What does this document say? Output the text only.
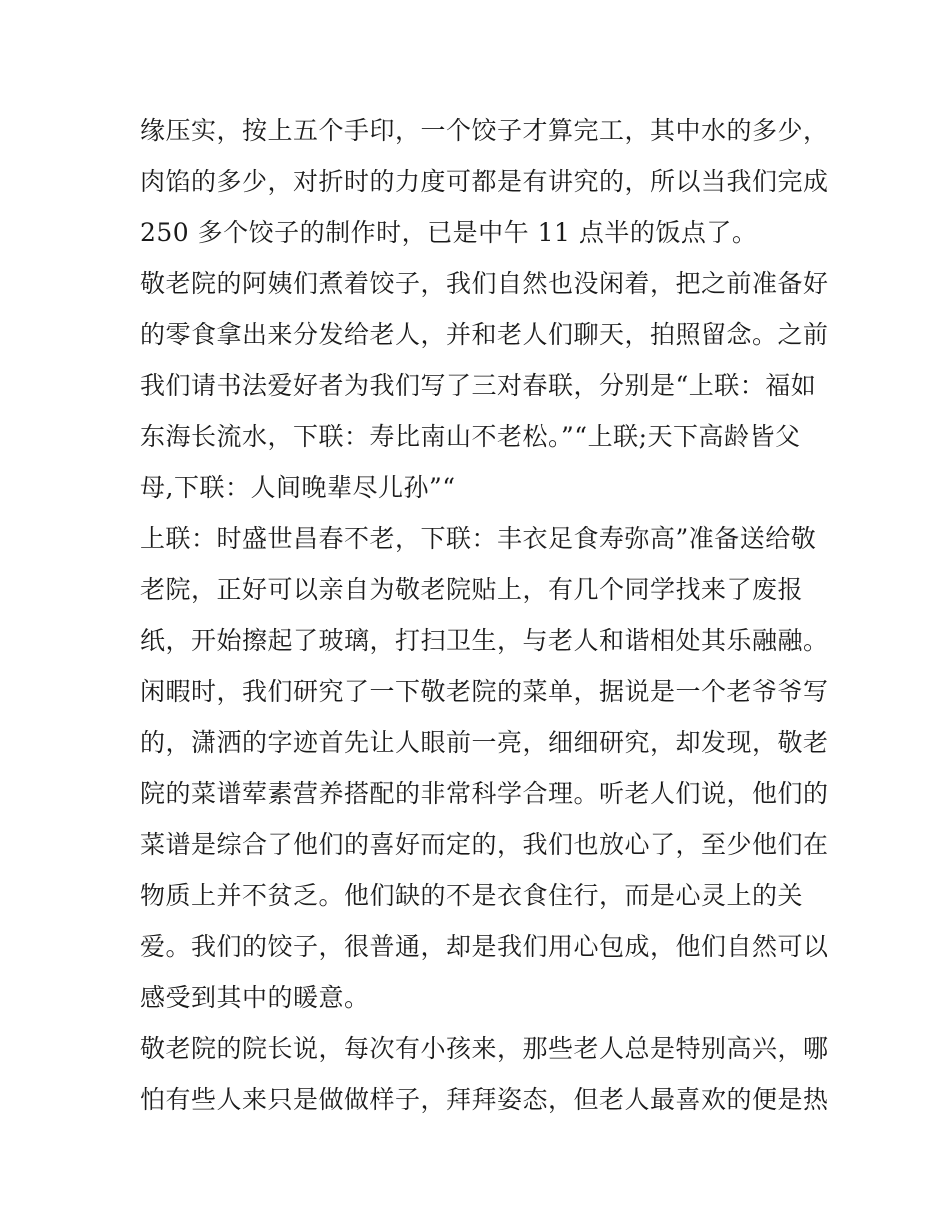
缘压实，按上五个手印，一个饺子才算完工，其中水的多少，
肉馅的多少，对折时的力度可都是有讲究的，所以当我们完成
250 多个饺子的制作时，已是中午 11 点半的饭点了。
敬老院的阿姨们煮着饺子，我们自然也没闲着，把之前准备好
的零食拿出来分发给老人，并和老人们聊天，拍照留念。之前
我们请书法爱好者为我们写了三对春联，分别是“上联：福如
东海长流水，下联：寿比南山不老松。”“上联;天下高龄皆父
母,下联：人间晚辈尽儿孙”“
上联：时盛世昌春不老，下联：丰衣足食寿弥高”准备送给敬
老院，正好可以亲自为敬老院贴上，有几个同学找来了废报
纸，开始擦起了玻璃，打扫卫生，与老人和谐相处其乐融融。
闲暇时，我们研究了一下敬老院的菜单，据说是一个老爷爷写
的，潇洒的字迹首先让人眼前一亮，细细研究，却发现，敬老
院的菜谱荤素营养搭配的非常科学合理。听老人们说，他们的
菜谱是综合了他们的喜好而定的，我们也放心了，至少他们在
物质上并不贫乏。他们缺的不是衣食住行，而是心灵上的关
爱。我们的饺子，很普通，却是我们用心包成，他们自然可以
感受到其中的暖意。
敬老院的院长说，每次有小孩来，那些老人总是特别高兴，哪
怕有些人来只是做做样子，拜拜姿态，但老人最喜欢的便是热
